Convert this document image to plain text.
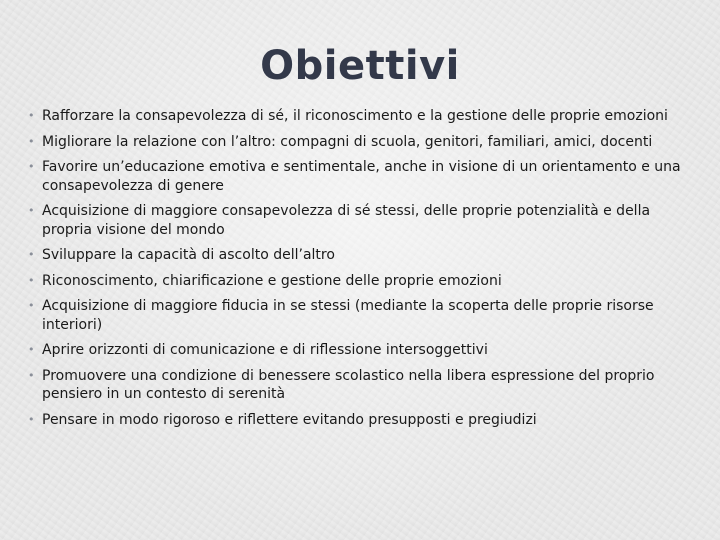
Obiettivi
• Rafforzare la consapevolezza di sé, il riconoscimento e la gestione delle proprie emozioni
• Migliorare la relazione con l’altro: compagni di scuola, genitori, familiari, amici, docenti
• Favorire un’educazione emotiva e sentimentale, anche in visione di un orientamento e una consapevolezza di genere
• Acquisizione di maggiore consapevolezza di sé stessi, delle proprie potenzialità e della propria visione del mondo
• Sviluppare la capacità di ascolto dell’altro
• Riconoscimento, chiarificazione e gestione delle proprie emozioni
• Acquisizione di maggiore fiducia in se stessi (mediante la scoperta delle proprie risorse interiori)
• Aprire orizzonti di comunicazione e di riflessione intersoggettivi
• Promuovere una condizione di benessere scolastico nella libera espressione del proprio pensiero in un contesto di serenità
• Pensare in modo rigoroso e riflettere evitando presupposti e pregiudizi
